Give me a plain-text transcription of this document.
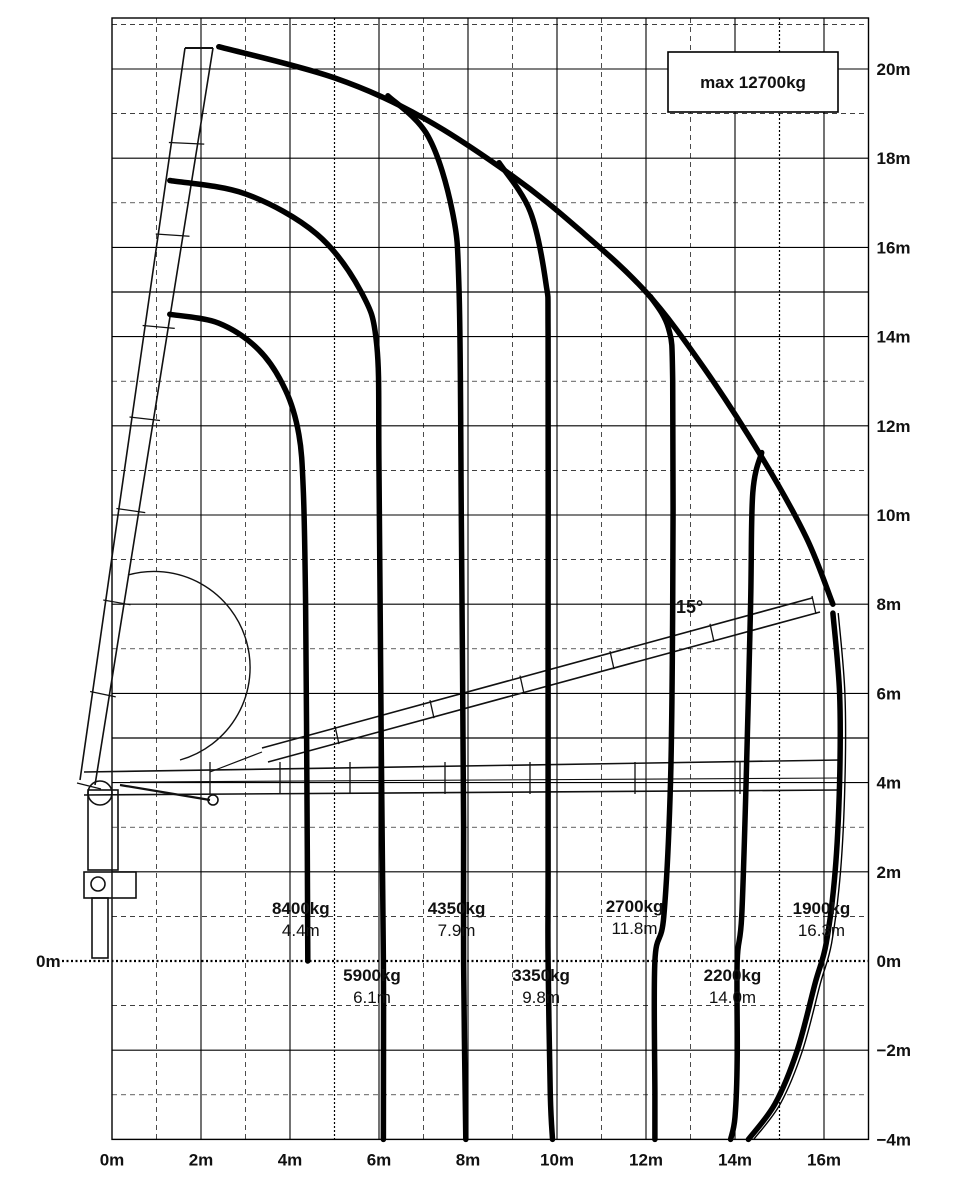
8400kg
4.4m
5900kg
6.1m
4350kg
7.9m
3350kg
9.8m
2700kg
11.8m
2200kg
14.0m
1900kg
16.3m
0m	2m	4m	6m	8m	10m	12m	14m	16m
−4m
−2m
0m
2m
4m
6m
8m
10m
12m
14m
16m
18m
20m
0m
max 12700kg
15°
